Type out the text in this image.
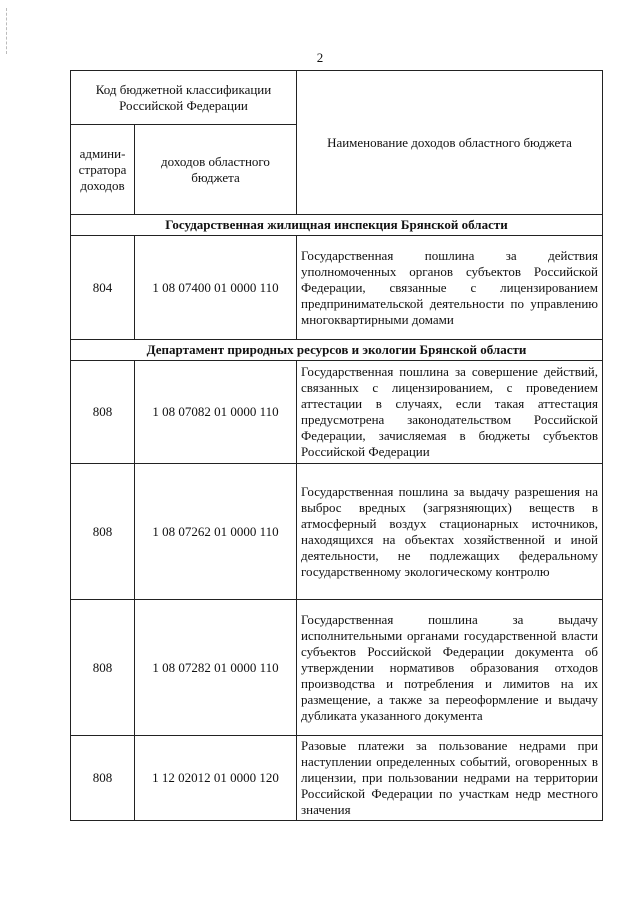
2
Код бюджетной классификации Российской Федерации		Наименование доходов областного бюджета
админи-стратора доходов	доходов областного бюджета	
Государственная жилищная инспекция Брянской области		
804	1 08 07400 01 0000 110	Государственная пошлина за действия уполномоченных органов субъектов Российской Федерации, связанные с лицензированием предпринимательской деятельности по управлению многоквартирными домами
Департамент природных ресурсов и экологии Брянской области		
808	1 08 07082 01 0000 110	Государственная пошлина за совершение действий, связанных с лицензированием, с проведением аттестации в случаях, если такая аттестация предусмотрена законодательством Российской Федерации, зачисляемая в бюджеты субъектов Российской Федерации
808	1 08 07262 01 0000 110	Государственная пошлина за выдачу разрешения на выброс вредных (загрязняющих) веществ в атмосферный воздух стационарных источников, находящихся на объектах хозяйственной и иной деятельности, не подлежащих федеральному государственному экологическому контролю
808	1 08 07282 01 0000 110	Государственная пошлина за выдачу исполнительными органами государственной власти субъектов Российской Федерации документа об утверждении нормативов образования отходов производства и потребления и лимитов на их размещение, а также за переоформление и выдачу дубликата указанного документа
808	1 12 02012 01 0000 120	Разовые платежи за пользование недрами при наступлении определенных событий, оговоренных в лицензии, при пользовании недрами на территории Российской Федерации по участкам недр местного значения
